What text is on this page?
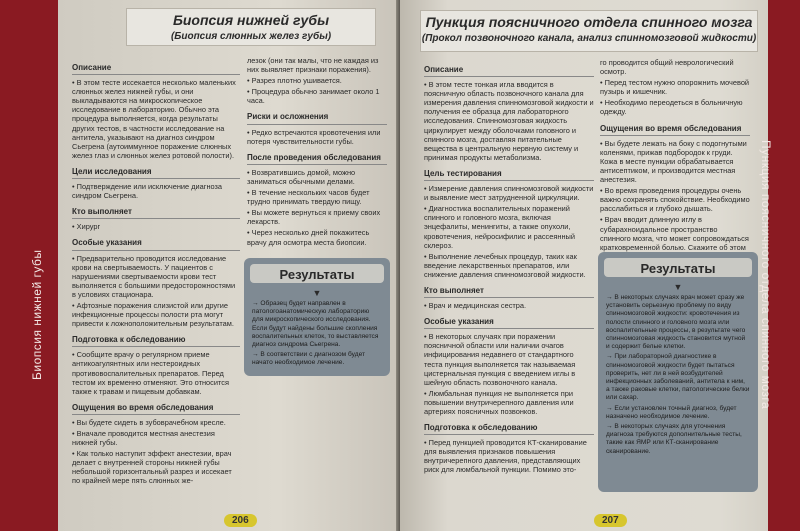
Биопсия нижней губы
Биопсия нижней губы
(Биопсия слюнных желез губы)
Описание

• В этом тесте иссекается несколько маленьких слюнных желез нижней губы, и они выкладываются на микроскопическое исследование в лабораторию. Обычно эта процедура выполняется, когда результаты других тестов, в частности исследование на антитела, указывают на диагноз синдром Сьегрена (аутоиммунное поражение слюнных желез глаз и слюнных желез ротовой полости).

Цели исследования

• Подтверждение или исключение диагноза синдром Сьегрена.

Кто выполняет

• Хирург

Особые указания

• Предварительно проводится исследование крови на свертываемость. У пациентов с нарушениями свертываемости крови тест выполняется с большими предосторожностями в условиях стационара.

• Афтозные поражения слизистой или другие инфекционные процессы полости рта могут привести к ложноположительным результатам.

Подготовка к обследованию

• Сообщите врачу о регулярном приеме антикоагулянтных или нестероидных противовоспалительных препаратов. Перед тестом их временно отменяют. Это относится также к травам и пищевым добавкам.

Ощущения во время обследования

• Вы будете сидеть в зубоврачебном кресле.

• Вначале проводится местная анестезия нижней губы.

• Как только наступит эффект анестезии, врач делает с внутренней стороны нижней губы небольшой горизонтальный разрез и иссекает по крайней мере пять слюнных же-

лезок (они так малы, что не каждая из них выявляет признаки поражения).

• Разрез плотно ушивается.

• Процедура обычно занимает около 1 часа.

Риски и осложнения

• Редко встречаются кровотечения или потеря чувствительности губы.

После проведения обследования

• Возвратившись домой, можно заниматься обычными делами.

• В течение нескольких часов будет трудно принимать твердую пищу.

• Вы можете вернуться к приему своих лекарств.

• Через несколько дней покажитесь врачу для осмотра места биопсии.

Результаты
▼

→ Образец будет направлен в патологоанатомическую лабораторию для микроскопического исследования. Если будут найдены большие скопления воспалительных клеток, то выставляется диагноз синдрома Сьегрена.

→ В соответствии с диагнозом будет начато необходимое лечение.

206
Пункция поясничного отдела спинного мозга
Пункция поясничного отдела спинного мозга
(Прокол позвоночного канала, анализ спинномозговой жидкости)
Описание

• В этом тесте тонкая игла вводится в поясничную область позвоночного канала для измерения давления спинномозговой жидкости и получения ее образца для лабораторного исследования. Спинномозговая жидкость циркулирует между оболочками головного и спинного мозга, доставляя питательные вещества в центральную нервную систему и принимая продукты метаболизма.

Цель тестирования

• Измерение давления спинномозговой жидкости и выявление мест затрудненной циркуляции.

• Диагностика воспалительных поражений спинного и головного мозга, включая энцефалиты, менингиты, а также опухоли, кровотечения, нейросифилис и рассеянный склероз.

• Выполнение лечебных процедур, таких как введение лекарственных препаратов, или снижение давления спинномозговой жидкости.

Кто выполняет

• Врач и медицинская сестра.

Особые указания

• В некоторых случаях при поражении поясничной области или наличии очагов инфицирования недавнего от стандартного теста пункция выполняется так называемая цистернальная пункция с введением иглы в шейную область позвоночного канала.

• Люмбальная пункция не выполняется при повышении внутричерепного давления или артериях поясничных позвонков.

Подготовка к обследованию

• Перед пункцией проводится КТ-сканирование для выявления признаков повышения внутричерепного давления, представляющих риск для люмбальной пункции. Помимо это-

го проводится общий неврологический осмотр.

• Перед тестом нужно опорожнить мочевой пузырь и кишечник.

• Необходимо переодеться в больничную одежду.

Ощущения во время обследования

• Вы будете лежать на боку с подогнутыми коленями, прижав подбородок к груди. Кожа в месте пункции обрабатывается антисептиком, и производится местная анестезия.

• Во время проведения процедуры очень важно сохранять спокойствие. Необходимо расслабиться и глубоко дышать.

• Врач вводит длинную иглу в субарахноидальное пространство спинного мозга, что может сопровождаться кратковременной болью. Скажите об этом

Результаты
▼

→ В некоторых случаях врач может сразу же установить серьезную проблему по виду спинномозговой жидкости: кровотечения из полости спинного и головного мозга или воспалительные процессы, в результате чего спинномозговая жидкость становится мутной и содержит белые клетки.

→ При лабораторной диагностике в спинномозговой жидкости будет пытаться проверить, нет ли в ней возбудителей инфекционных заболеваний, антитела к ним, а также раковые клетки, патологические белки или сахар.

→ Если установлен точный диагноз, будет назначено необходимое лечение.

→ В некоторых случаях для уточнения диагноза требуются дополнительные тесты, такие как ЯМР или КТ-сканирование сканирование.

207
